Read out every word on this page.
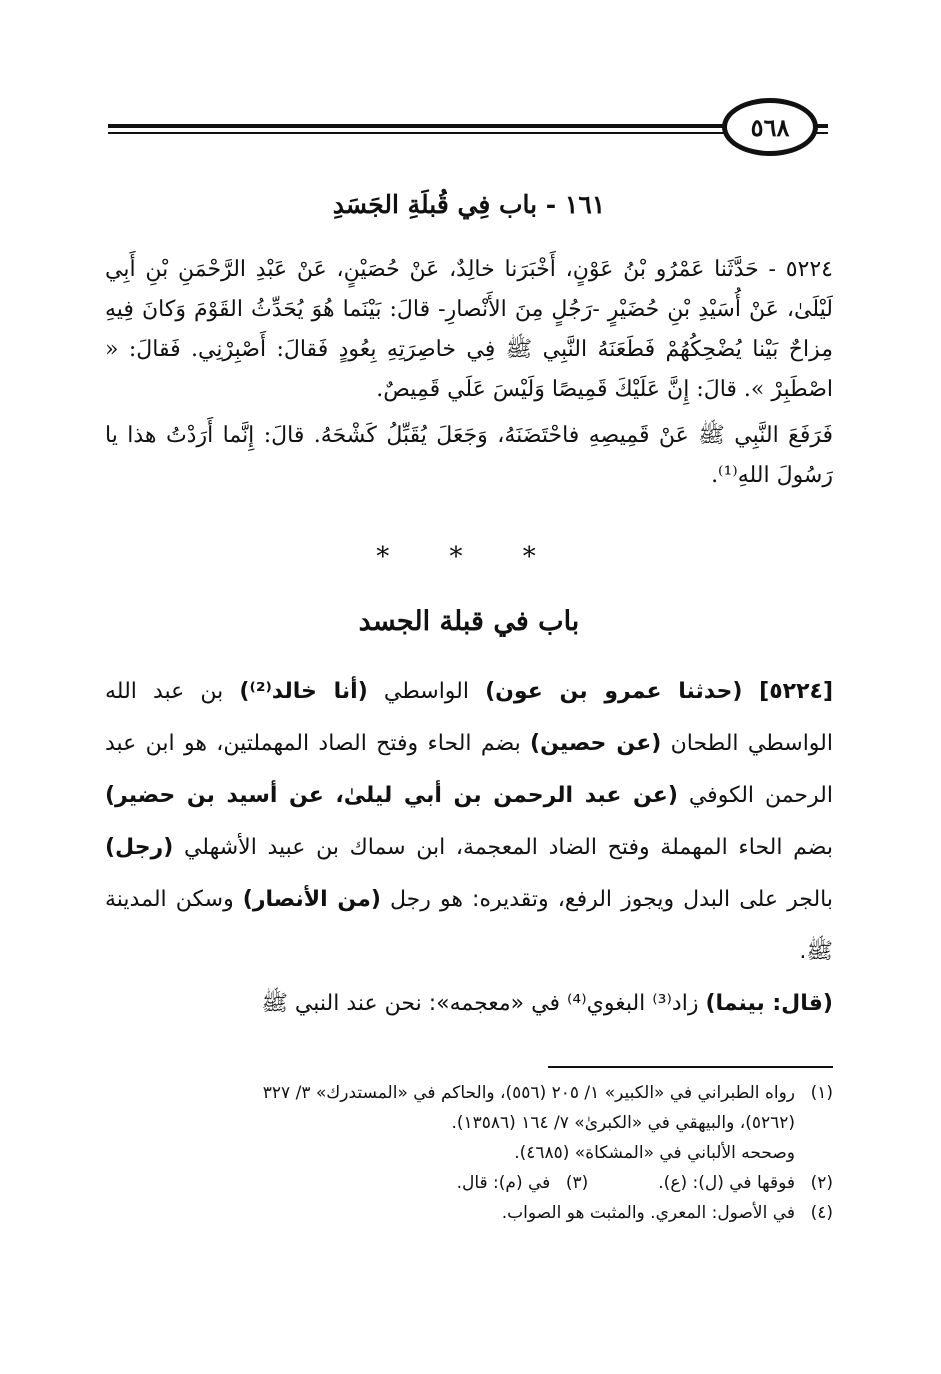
٥٦٨
١٦١ - باب فِي قُبلَةِ الجَسَدِ

٥٢٢٤ - حَدَّثَنا عَمْرُو بْنُ عَوْنٍ، أَخْبَرَنا خالِدٌ، عَنْ حُصَيْنٍ، عَنْ عَبْدِ الرَّحْمَنِ بْنِ أَبِي لَيْلَىٰ، عَنْ أُسَيْدِ بْنِ حُضَيْرٍ -رَجُلٍ مِنَ الأَنْصارِ- قالَ: بَيْنَما هُوَ يُحَدِّثُ القَوْمَ وَكانَ فِيهِ مِزاحٌ بَيْنا يُضْحِكُهُمْ فَطَعَنَهُ النَّبِي ﷺ فِي خاصِرَتِهِ بِعُودٍ فَقالَ: أَصْبِرْنِي. فَقالَ: « اصْطَبِرْ ». قالَ: إِنَّ عَلَيْكَ قَمِيصًا وَلَيْسَ عَلَي قَمِيصٌ.

فَرَفَعَ النَّبِي ﷺ عَنْ قَمِيصِهِ فاحْتَضَنَهُ، وَجَعَلَ يُقَبِّلُ كَشْحَهُ. قالَ: إِنَّما أَرَدْتُ هذا يا رَسُولَ اللهِ⁽¹⁾.

* * *
باب في قبلة الجسد

[٥٢٢٤] (حدثنا عمرو بن عون) الواسطي (أنا خالد⁽²⁾) بن عبد الله الواسطي الطحان (عن حصين) بضم الحاء وفتح الصاد المهملتين، هو ابن عبد الرحمن الكوفي (عن عبد الرحمن بن أبي ليلىٰ، عن أسيد بن حضير) بضم الحاء المهملة وفتح الضاد المعجمة، ابن سماك بن عبيد الأشهلي (رجل) بالجر على البدل ويجوز الرفع، وتقديره: هو رجل (من الأنصار) وسكن المدينة ﷺ.

(قال: بينما) زاد⁽³⁾ البغوي⁽⁴⁾ في «معجمه»: نحن عند النبي ﷺ

(١)رواه الطبراني في «الكبير» ١/ ٢٠٥ (٥٥٦)، والحاكم في «المستدرك» ٣/ ٣٢٧

(٥٢٦٢)، والبيهقي في «الكبرىٰ» ٧/ ١٦٤ (١٣٥٨٦).

وصححه الألباني في «المشكاة» (٤٦٨٥).

(٢)فوقها في (ل): (ع).

(٣)في (م): قال.

(٤)في الأصول: المعري. والمثبت هو الصواب.
